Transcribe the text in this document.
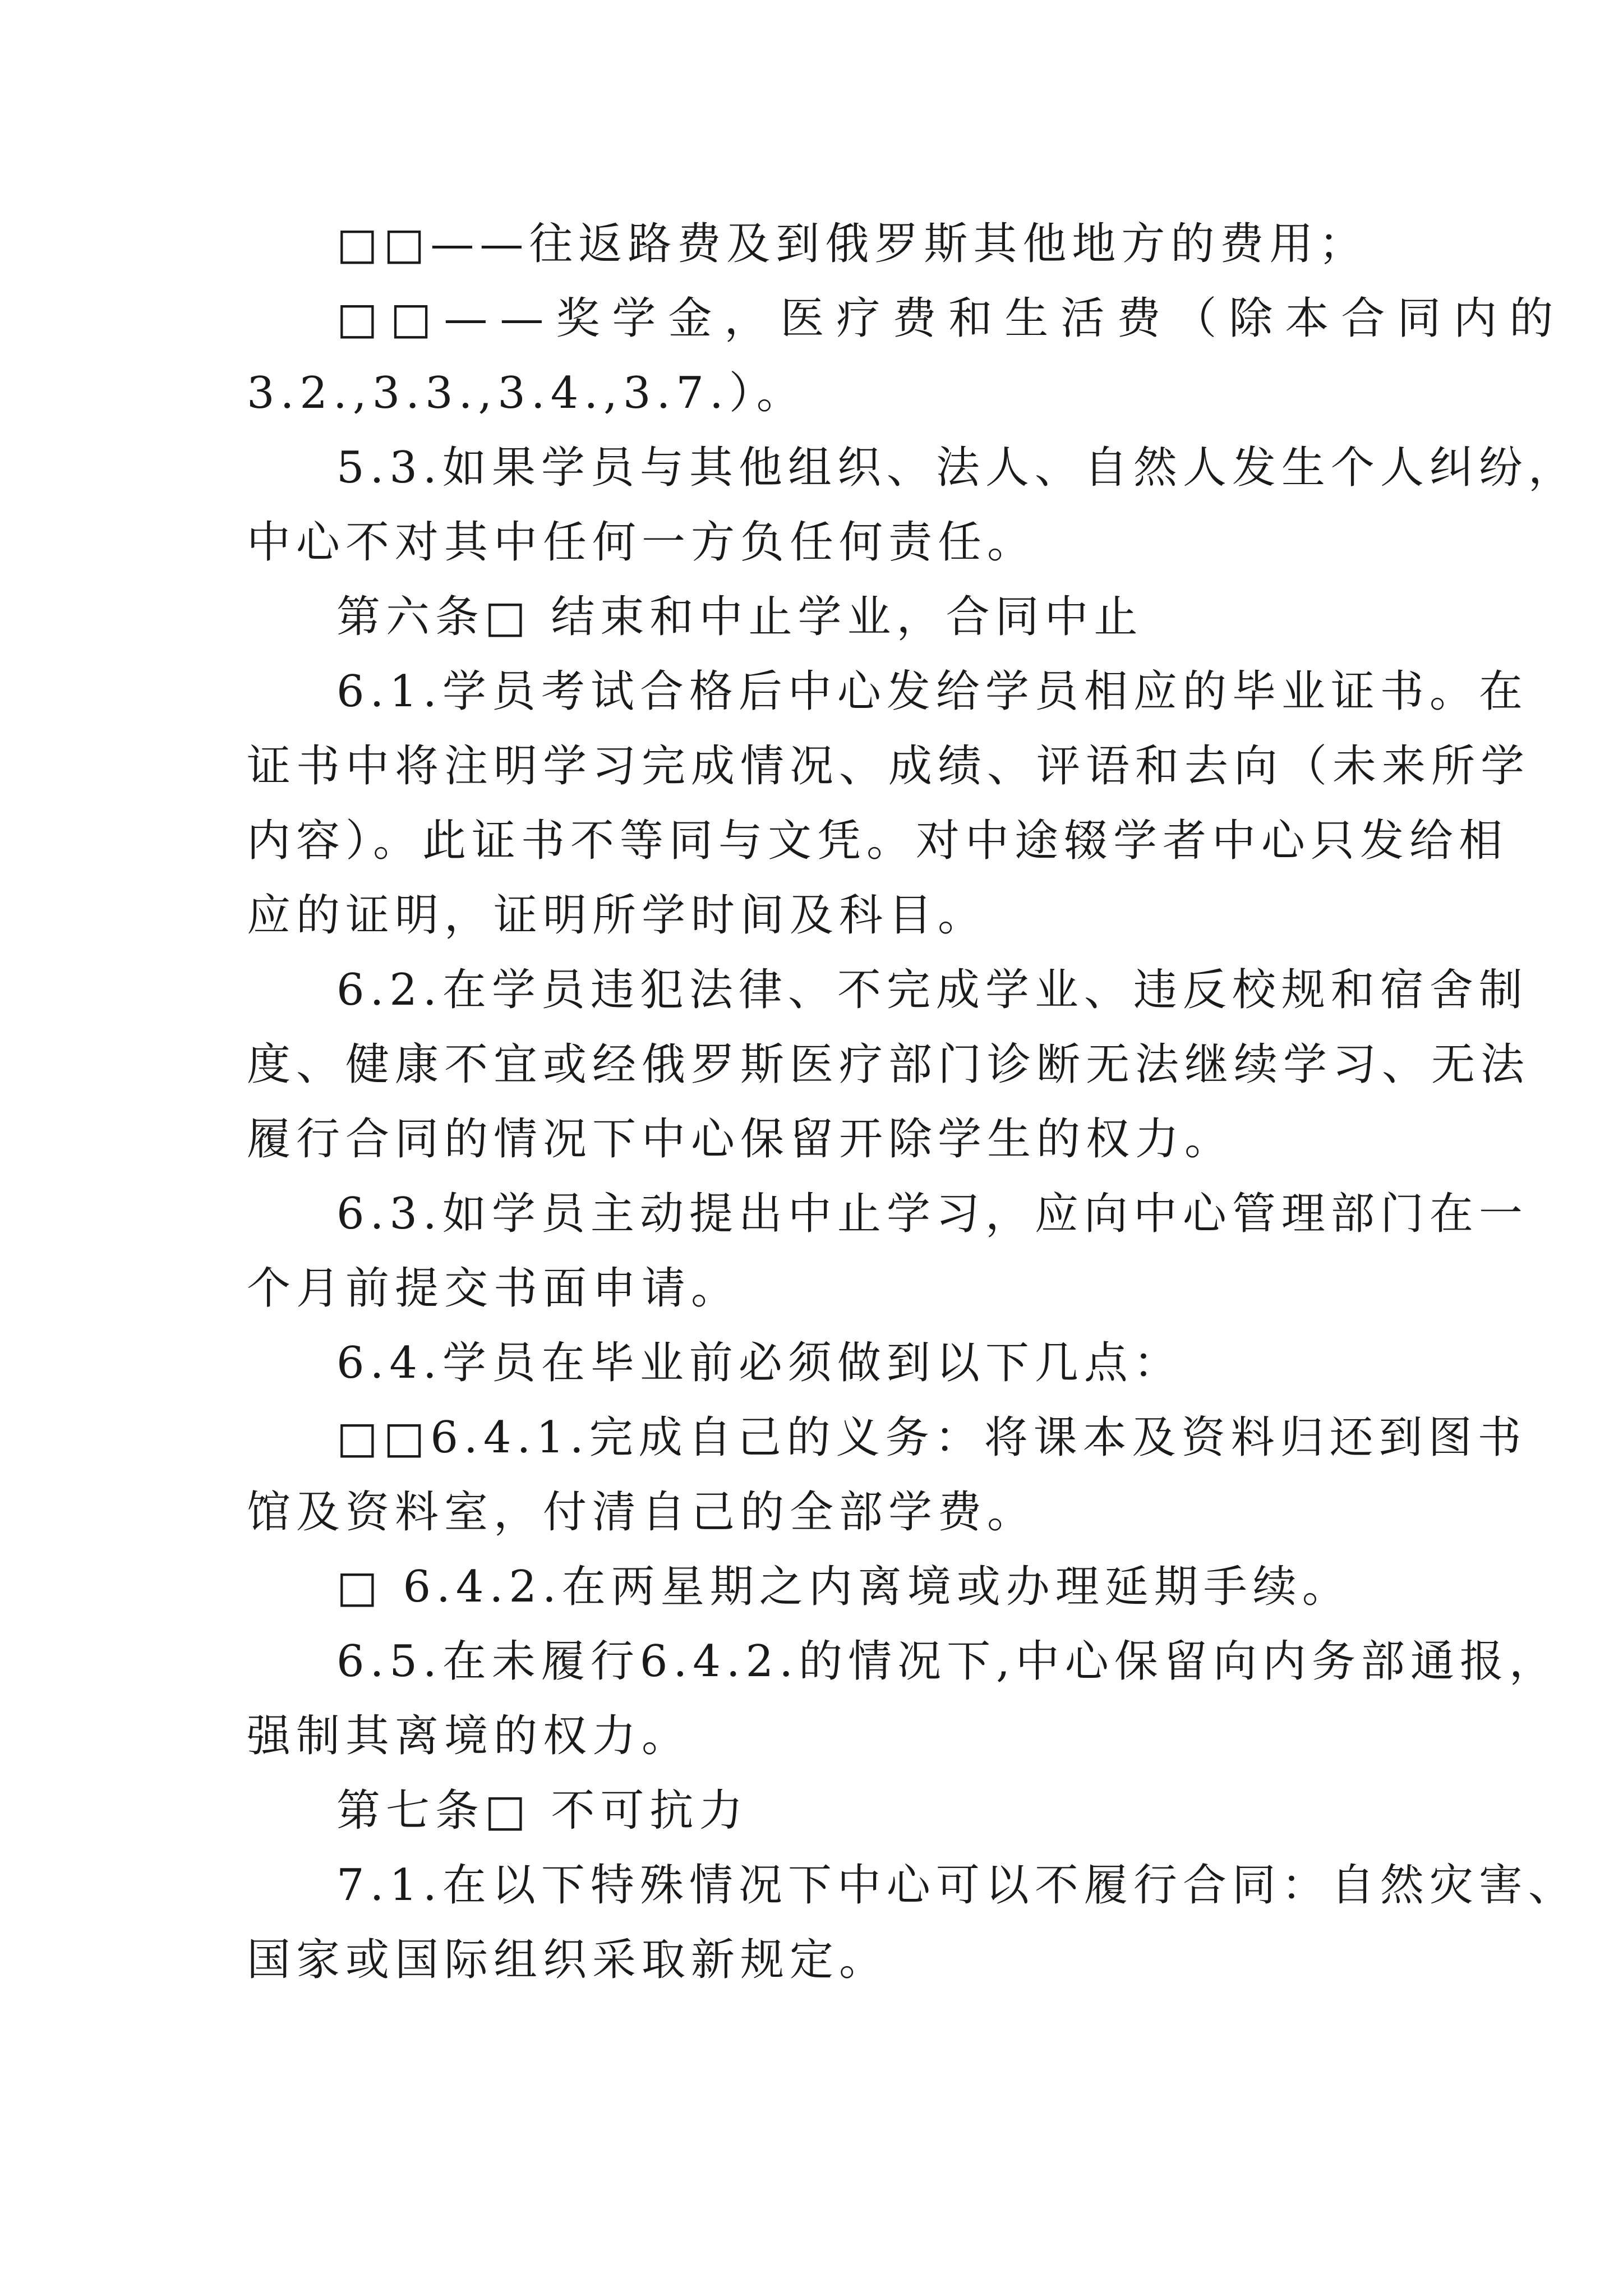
□□——往返路费及到俄罗斯其他地方的费用；
□□——奖学金，医疗费和生活费（除本合同内的
3.2.,3.3.,3.4.,3.7.）。
5.3.如果学员与其他组织、法人、自然人发生个人纠纷，
中心不对其中任何一方负任何责任。
第六条□ 结束和中止学业，合同中止
6.1.学员考试合格后中心发给学员相应的毕业证书。在
证书中将注明学习完成情况、成绩、评语和去向（未来所学
内容）。此证书不等同与文凭。对中途辍学者中心只发给相
应的证明，证明所学时间及科目。
6.2.在学员违犯法律、不完成学业、违反校规和宿舍制
度、健康不宜或经俄罗斯医疗部门诊断无法继续学习、无法
履行合同的情况下中心保留开除学生的权力。
6.3.如学员主动提出中止学习，应向中心管理部门在一
个月前提交书面申请。
6.4.学员在毕业前必须做到以下几点：
□□6.4.1.完成自己的义务：将课本及资料归还到图书
馆及资料室，付清自己的全部学费。
□ 6.4.2.在两星期之内离境或办理延期手续。
6.5.在未履行6.4.2.的情况下,中心保留向内务部通报，
强制其离境的权力。
第七条□ 不可抗力
7.1.在以下特殊情况下中心可以不履行合同：自然灾害、
国家或国际组织采取新规定。
